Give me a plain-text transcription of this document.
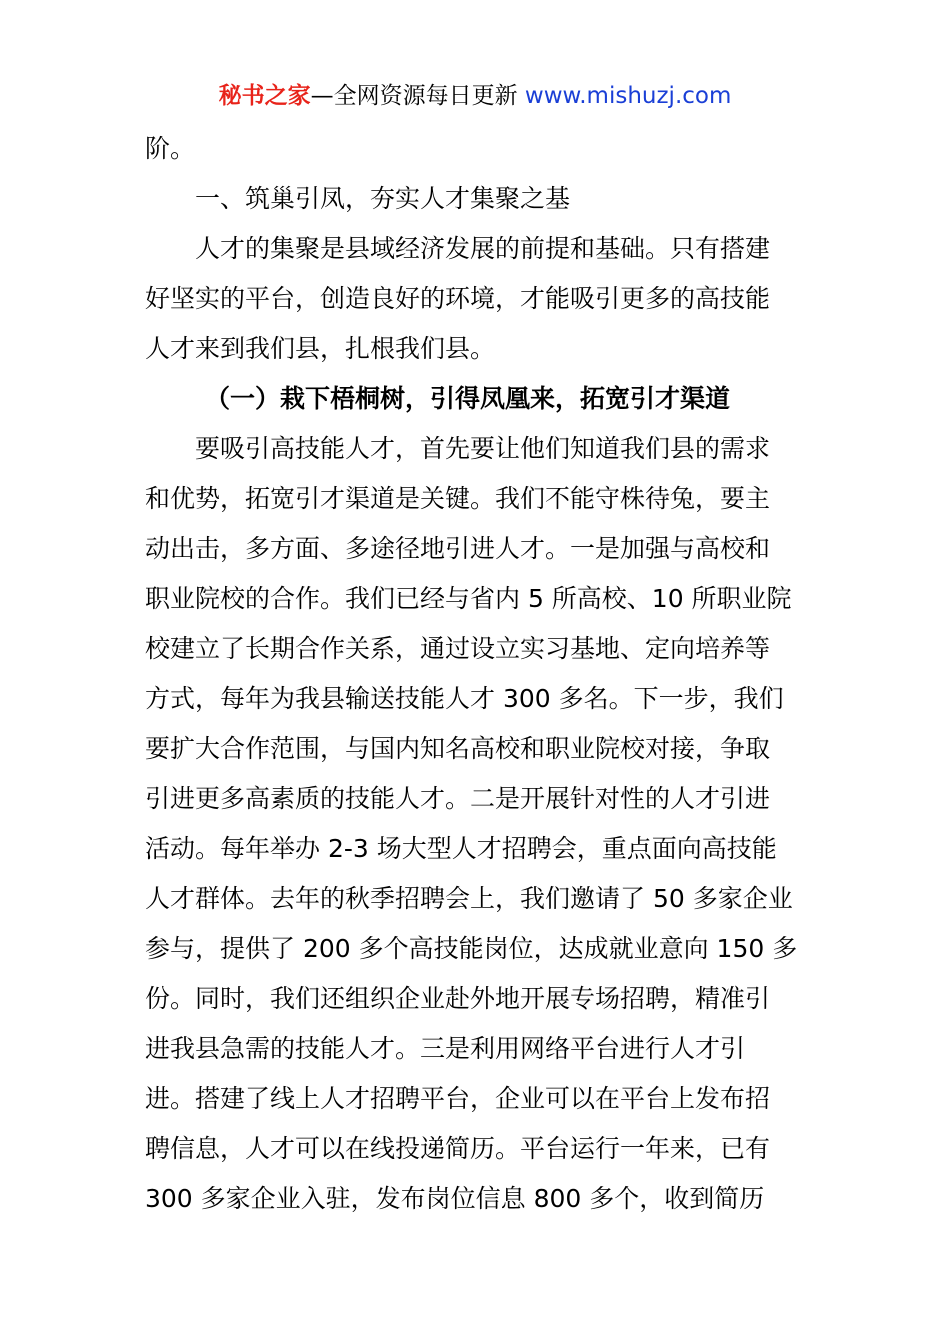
秘书之家—全网资源每日更新 www.mishuzj.com
阶。
一、筑巢引凤，夯实人才集聚之基
人才的集聚是县域经济发展的前提和基础。只有搭建
好坚实的平台，创造良好的环境，才能吸引更多的高技能
人才来到我们县，扎根我们县。
（一）栽下梧桐树，引得凤凰来，拓宽引才渠道
要吸引高技能人才，首先要让他们知道我们县的需求
和优势，拓宽引才渠道是关键。我们不能守株待兔，要主
动出击，多方面、多途径地引进人才。一是加强与高校和
职业院校的合作。我们已经与省内 5 所高校、10 所职业院
校建立了长期合作关系，通过设立实习基地、定向培养等
方式，每年为我县输送技能人才 300 多名。下一步，我们
要扩大合作范围，与国内知名高校和职业院校对接，争取
引进更多高素质的技能人才。二是开展针对性的人才引进
活动。每年举办 2-3 场大型人才招聘会，重点面向高技能
人才群体。去年的秋季招聘会上，我们邀请了 50 多家企业
参与，提供了 200 多个高技能岗位，达成就业意向 150 多
份。同时，我们还组织企业赴外地开展专场招聘，精准引
进我县急需的技能人才。三是利用网络平台进行人才引
进。搭建了线上人才招聘平台，企业可以在平台上发布招
聘信息，人才可以在线投递简历。平台运行一年来，已有
300 多家企业入驻，发布岗位信息 800 多个，收到简历
